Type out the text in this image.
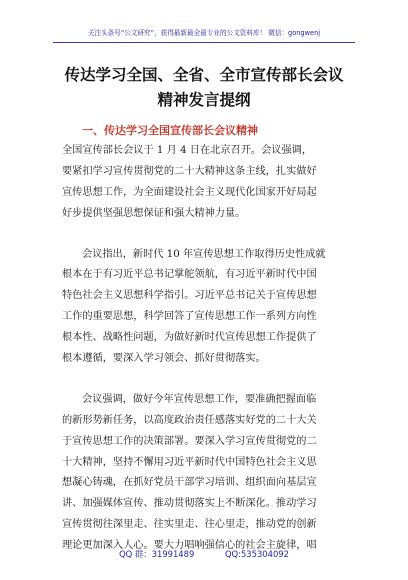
关注头条号“公文研究”，获得最新最全最专业的公文资料库！ 微信：gongwenj
传达学习全国、全省、全市宣传部长会议
精神发言提纲
一、传达学习全国宣传部长会议精神
全国宣传部长会议于 1 月 4 日在北京召开。会议强调，
要紧扣学习宣传贯彻党的二十大精神这条主线，扎实做好
宣传思想工作，为全面建设社会主义现代化国家开好局起
好步提供坚强思想保证和强大精神力量。
会议指出，新时代 10 年宣传思想工作取得历史性成就
根本在于有习近平总书记掌舵领航，有习近平新时代中国
特色社会主义思想科学指引。习近平总书记关于宣传思想
工作的重要思想，科学回答了宣传思想工作一系列方向性
根本性、战略性问题，为做好新时代宣传思想工作提供了
根本遵循，要深入学习领会、抓好贯彻落实。
会议强调，做好今年宣传思想工作，要准确把握面临
的新形势新任务，以高度政治责任感落实好党的二十大关
于宣传思想工作的决策部署。要深入学习宣传贯彻党的二
十大精神，坚持不懈用习近平新时代中国特色社会主义思
想凝心铸魂，在抓好党员干部学习培训、组织面向基层宣
讲、加强媒体宣传、推动贯彻落实上不断深化。推动学习
宣传贯彻往深里走、往实里走、往心里走，推动党的创新
理论更加深入人心。要大力唱响强信心的社会主旋律，唱
QQ 群：31991489	QQ:535304092
